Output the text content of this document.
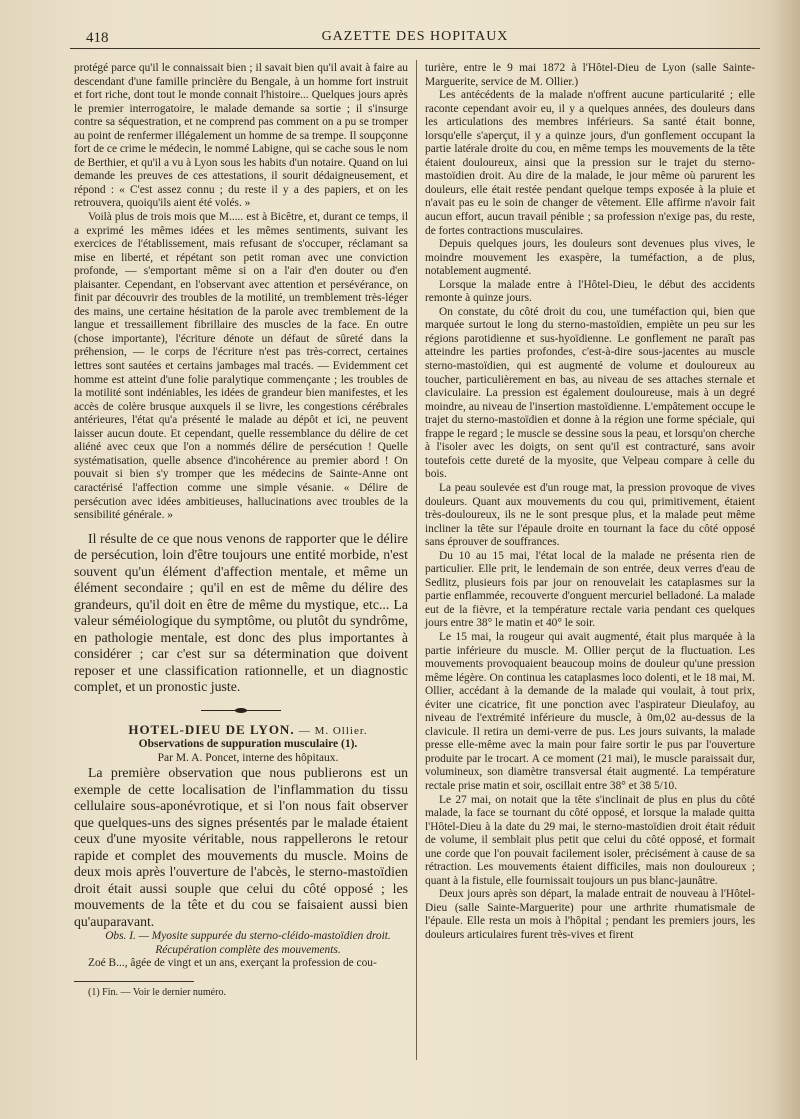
418	GAZETTE DES HOPITAUX

protégé parce qu'il le connaissait bien ; il savait bien qu'il avait à faire au descendant d'une famille princière du Bengale, à un homme fort instruit et fort riche, dont tout le monde connait l'histoire... Quelques jours après le premier interrogatoire, le malade demande sa sortie ; il s'insurge contre sa séquestration, et ne comprend pas comment on a pu se tromper au point de renfermer illégalement un homme de sa trempe. Il soupçonne fort de ce crime le médecin, le nommé Labigne, qui se cache sous le nom de Berthier, et qu'il a vu à Lyon sous les habits d'un notaire. Quand on lui demande les preuves de ces attestations, il sourit dédaigneusement, et répond : « C'est assez connu ; du reste il y a des papiers, et on les retrouvera, quoiqu'ils aient été volés. »

Voilà plus de trois mois que M..... est à Bicêtre, et, durant ce temps, il a exprimé les mêmes idées et les mêmes sentiments, suivant les exercices de l'établissement, mais refusant de s'occuper, réclamant sa mise en liberté, et répétant son petit roman avec une conviction profonde, — s'emportant même si on a l'air d'en douter ou d'en plaisanter. Cependant, en l'observant avec attention et persévérance, on finit par découvrir des troubles de la motilité, un tremblement très-léger des mains, une certaine hésitation de la parole avec tremblement de la langue et tressaillement fibrillaire des muscles de la face. En outre (chose importante), l'écriture dénote un défaut de sûreté dans la préhension, — le corps de l'écriture n'est pas très-correct, certaines lettres sont sautées et certains jambages mal tracés. — Evidemment cet homme est atteint d'une folie paralytique commençante ; les troubles de la motilité sont indéniables, les idées de grandeur bien manifestes, et les accès de colère brusque auxquels il se livre, les congestions cérébrales antérieures, l'état qu'a présenté le malade au dépôt et ici, ne peuvent laisser aucun doute. Et cependant, quelle ressemblance du délire de cet aliéné avec ceux que l'on a nommés délire de persécution ! Quelle systématisation, quelle absence d'incohérence au premier abord ! On pouvait si bien s'y tromper que les médecins de Sainte-Anne ont caractérisé l'affection comme une simple vésanie. « Délire de persécution avec idées ambitieuses, hallucinations avec troubles de la sensibilité générale. »

Il résulte de ce que nous venons de rapporter que le délire de persécution, loin d'être toujours une entité morbide, n'est souvent qu'un élément d'affection mentale, et même un élément secondaire ; qu'il en est de même du délire des grandeurs, qu'il doit en être de même du mystique, etc... La valeur séméiologique du symptôme, ou plutôt du syndrôme, en pathologie mentale, est donc des plus importantes à considérer ; car c'est sur sa détermination que doivent reposer et une classification rationnelle, et un diagnostic complet, et un pronostic juste.

HOTEL-DIEU DE LYON. — M. Ollier.

Observations de suppuration musculaire (1).

Par M. A. Poncet, interne des hôpitaux.

La première observation que nous publierons est un exemple de cette localisation de l'inflammation du tissu cellulaire sous-aponévrotique, et si l'on nous fait observer que quelques-uns des signes présentés par le malade étaient ceux d'une myosite véritable, nous rappellerons le retour rapide et complet des mouvements du muscle. Moins de deux mois après l'ouverture de l'abcès, le sterno-mastoïdien droit était aussi souple que celui du côté opposé ; les mouvements de la tête et du cou se faisaient aussi bien qu'auparavant.

Obs. I. — Myosite suppurée du sterno-cléido-mastoïdien droit.

Récupération complète des mouvements.

Zoé B..., âgée de vingt et un ans, exerçant la profession de cou-

(1) Fin. — Voir le dernier numéro.

turière, entre le 9 mai 1872 à l'Hôtel-Dieu de Lyon (salle Sainte-Marguerite, service de M. Ollier.)

Les antécédents de la malade n'offrent aucune particularité ; elle raconte cependant avoir eu, il y a quelques années, des douleurs dans les articulations des membres inférieurs. Sa santé était bonne, lorsqu'elle s'aperçut, il y a quinze jours, d'un gonflement occupant la partie latérale droite du cou, en même temps les mouvements de la tête étaient douloureux, ainsi que la pression sur le trajet du sterno-mastoïdien droit. Au dire de la malade, le jour même où parurent les douleurs, elle était restée pendant quelque temps exposée à la pluie et n'avait pas eu le soin de changer de vêtement. Elle affirme n'avoir fait aucun effort, aucun travail pénible ; sa profession n'exige pas, du reste, de fortes contractions musculaires.

Depuis quelques jours, les douleurs sont devenues plus vives, le moindre mouvement les exaspère, la tuméfaction, a de plus, notablement augmenté.

Lorsque la malade entre à l'Hôtel-Dieu, le début des accidents remonte à quinze jours.

On constate, du côté droit du cou, une tuméfaction qui, bien que marquée surtout le long du sterno-mastoïdien, empiète un peu sur les régions parotidienne et sus-hyoïdienne. Le gonflement ne paraît pas atteindre les parties profondes, c'est-à-dire sous-jacentes au muscle sterno-mastoïdien, qui est augmenté de volume et douloureux au toucher, particulièrement en bas, au niveau de ses attaches sternale et claviculaire. La pression est également douloureuse, mais à un degré moindre, au niveau de l'insertion mastoïdienne. L'empâtement occupe le trajet du sterno-mastoïdien et donne à la région une forme spéciale, qui frappe le regard ; le muscle se dessine sous la peau, et lorsqu'on cherche à l'isoler avec les doigts, on sent qu'il est contracturé, sans avoir toutefois cette dureté de la myosite, que Velpeau compare à celle du bois.

La peau soulevée est d'un rouge mat, la pression provoque de vives douleurs. Quant aux mouvements du cou qui, primitivement, étaient très-douloureux, ils ne le sont presque plus, et la malade peut même incliner la tête sur l'épaule droite en tournant la face du côté opposé sans éprouver de souffrances.

Du 10 au 15 mai, l'état local de la malade ne présenta rien de particulier. Elle prit, le lendemain de son entrée, deux verres d'eau de Sedlitz, plusieurs fois par jour on renouvelait les cataplasmes sur la partie enflammée, recouverte d'onguent mercuriel belladoné. La malade eut de la fièvre, et la température rectale varia pendant ces quelques jours entre 38° le matin et 40° le soir.

Le 15 mai, la rougeur qui avait augmenté, était plus marquée à la partie inférieure du muscle. M. Ollier perçut de la fluctuation. Les mouvements provoquaient beaucoup moins de douleur qu'une pression même légère. On continua les cataplasmes loco dolenti, et le 18 mai, M. Ollier, accédant à la demande de la malade qui voulait, à tout prix, éviter une cicatrice, fit une ponction avec l'aspirateur Dieulafoy, au niveau de l'extrémité inférieure du muscle, à 0m,02 au-dessus de la clavicule. Il retira un demi-verre de pus. Les jours suivants, la malade presse elle-même avec la main pour faire sortir le pus par l'ouverture produite par le trocart. A ce moment (21 mai), le muscle paraissait dur, volumineux, son diamètre transversal était augmenté. La température rectale prise matin et soir, oscillait entre 38° et 38 5/10.

Le 27 mai, on notait que la tête s'inclinait de plus en plus du côté malade, la face se tournant du côté opposé, et lorsque la malade quitta l'Hôtel-Dieu à la date du 29 mai, le sterno-mastoïdien droit était réduit de volume, il semblait plus petit que celui du côté opposé, et formait une corde que l'on pouvait facilement isoler, précisément à cause de sa rétraction. Les mouvements étaient difficiles, mais non douloureux ; quant à la fistule, elle fournissait toujours un pus blanc-jaunâtre.

Deux jours après son départ, la malade entrait de nouveau à l'Hôtel-Dieu (salle Sainte-Marguerite) pour une arthrite rhumatismale de l'épaule. Elle resta un mois à l'hôpital ; pendant les premiers jours, les douleurs articulaires furent très-vives et firent
